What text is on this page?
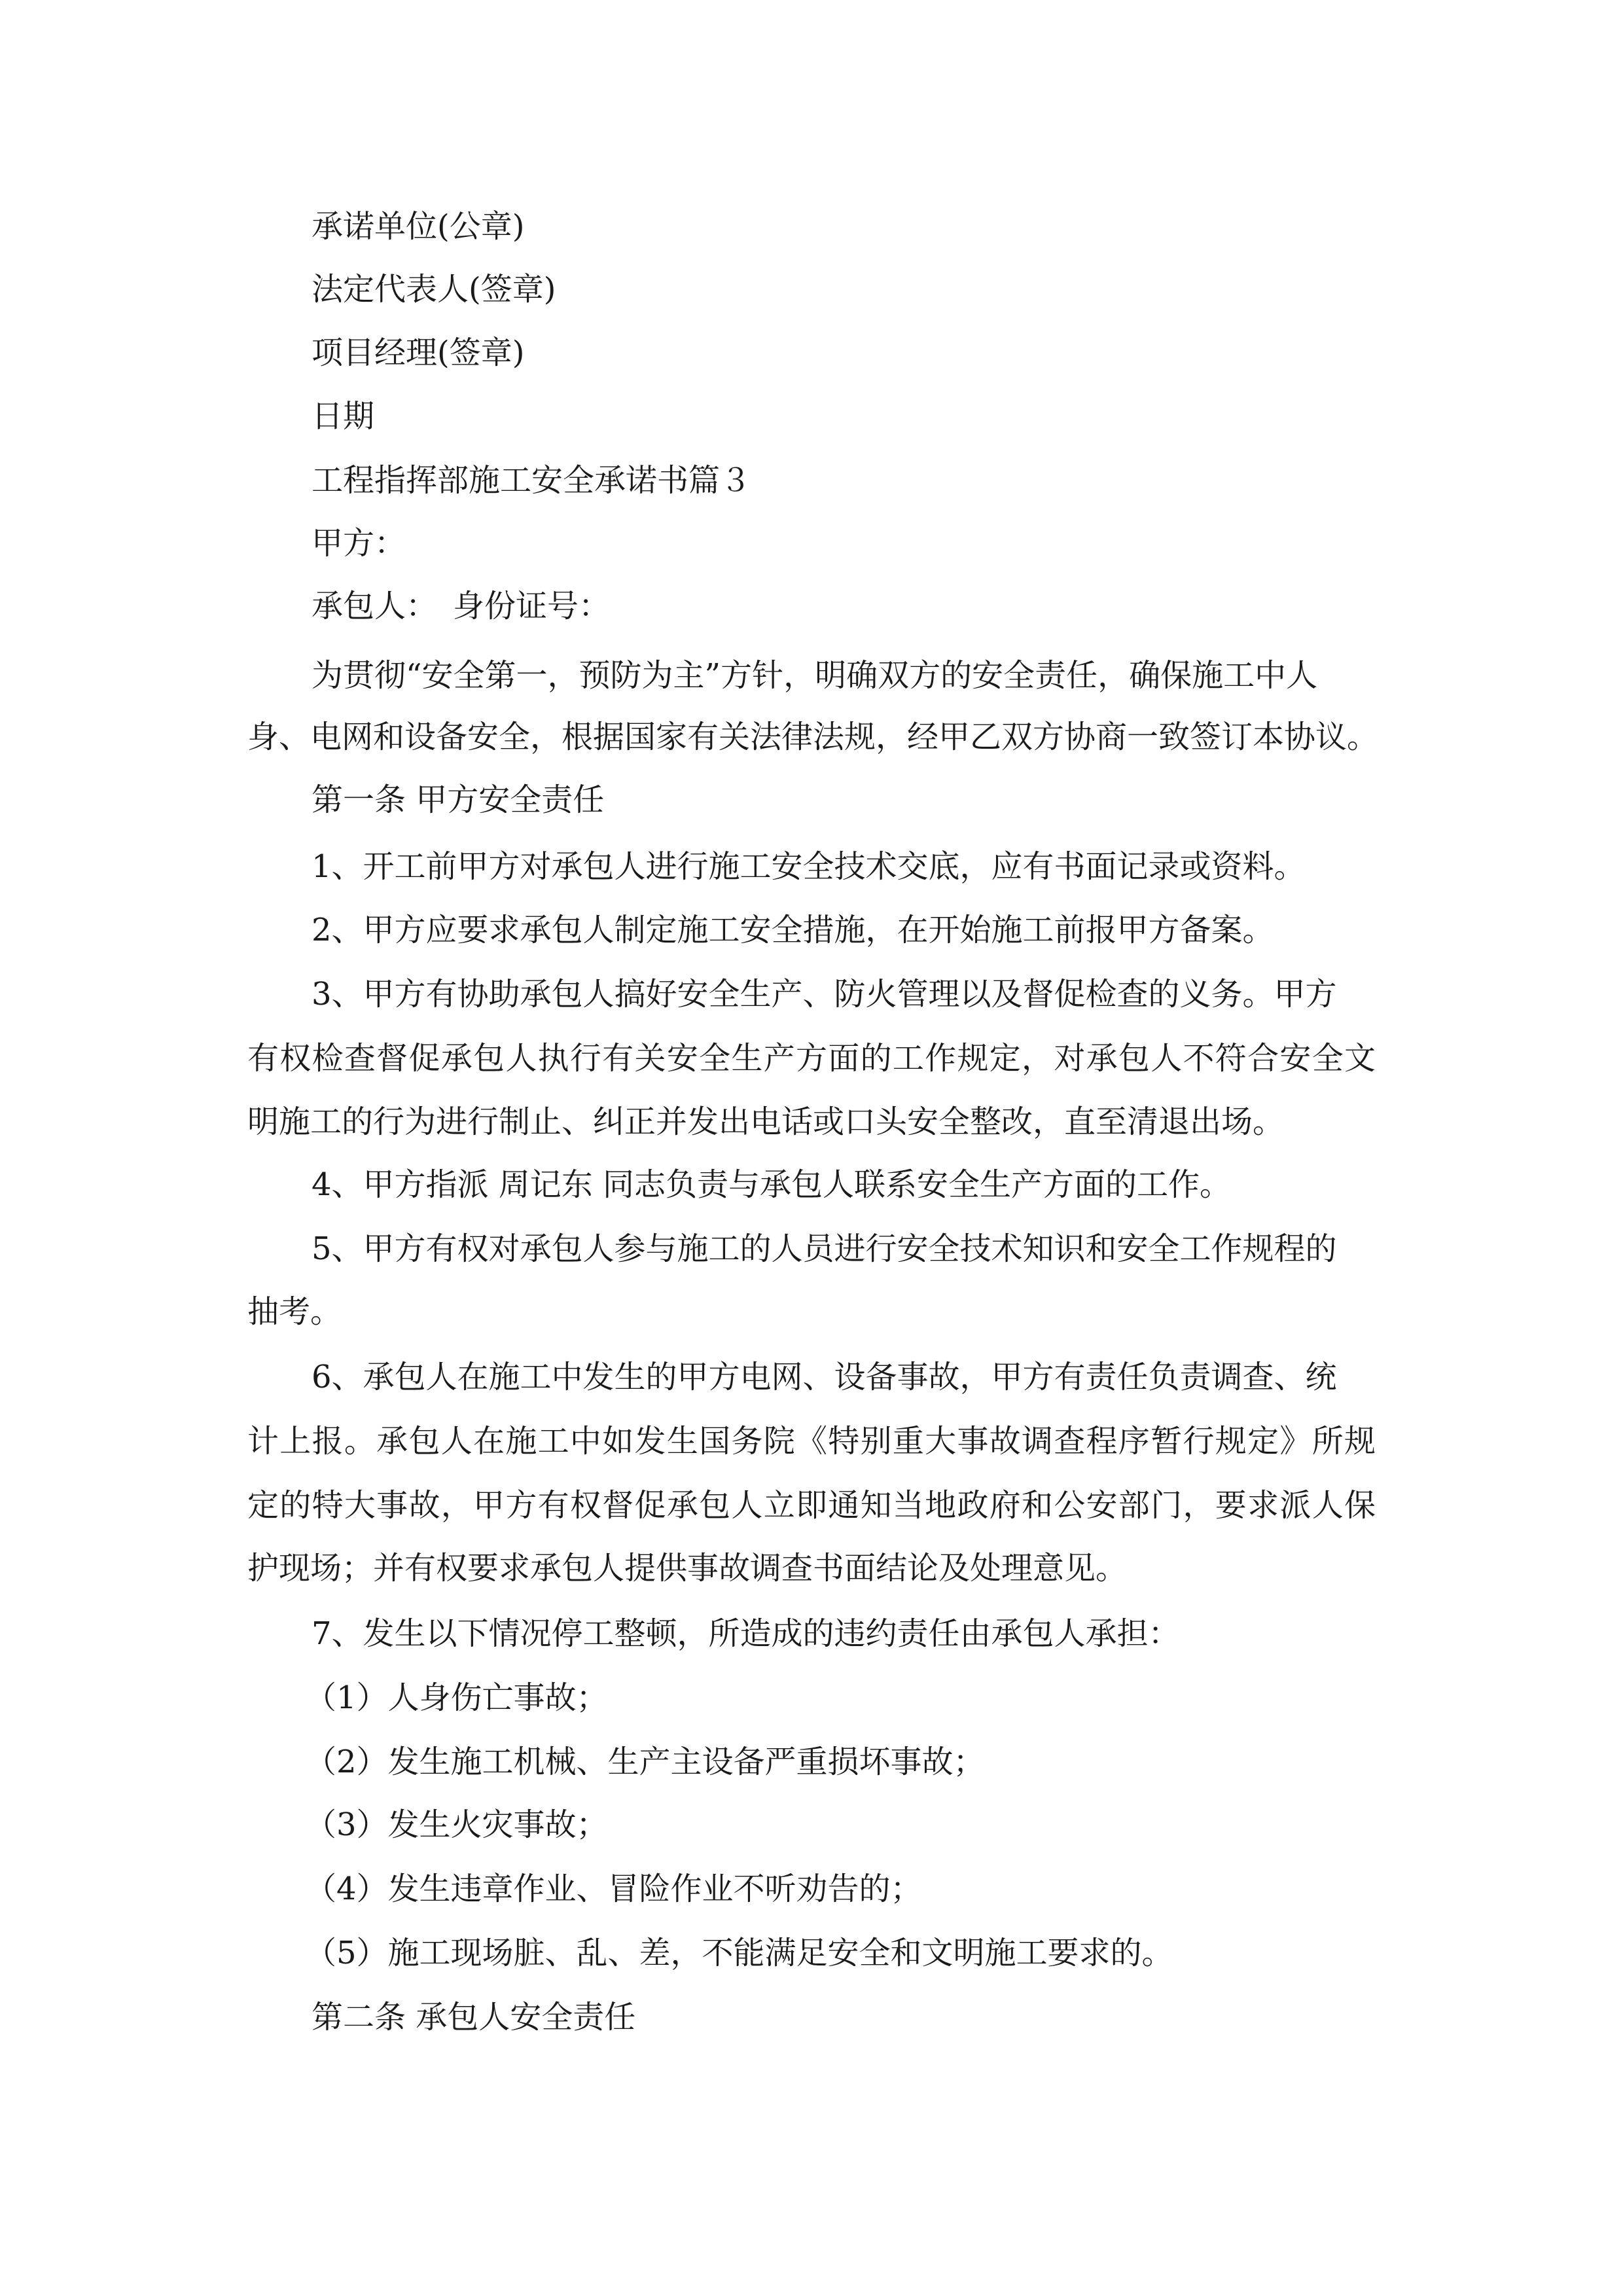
承诺单位(公章)
法定代表人(签章)
项目经理(签章)
日期
工程指挥部施工安全承诺书篇３
甲方：
承包人：　身份证号：
为贯彻“安全第一，预防为主”方针，明确双方的安全责任，确保施工中人
身、电网和设备安全，根据国家有关法律法规，经甲乙双方协商一致签订本协议。
第一条 甲方安全责任
1、开工前甲方对承包人进行施工安全技术交底，应有书面记录或资料。
2、甲方应要求承包人制定施工安全措施，在开始施工前报甲方备案。
3、甲方有协助承包人搞好安全生产、防火管理以及督促检查的义务。甲方
有权检查督促承包人执行有关安全生产方面的工作规定，对承包人不符合安全文
明施工的行为进行制止、纠正并发出电话或口头安全整改，直至清退出场。
4、甲方指派 周记东 同志负责与承包人联系安全生产方面的工作。
5、甲方有权对承包人参与施工的人员进行安全技术知识和安全工作规程的
抽考。
6、承包人在施工中发生的甲方电网、设备事故，甲方有责任负责调查、统
计上报。承包人在施工中如发生国务院《特别重大事故调查程序暂行规定》所规
定的特大事故，甲方有权督促承包人立即通知当地政府和公安部门，要求派人保
护现场；并有权要求承包人提供事故调查书面结论及处理意见。
7、发生以下情况停工整顿，所造成的违约责任由承包人承担：
（1）人身伤亡事故；
（2）发生施工机械、生产主设备严重损坏事故；
（3）发生火灾事故；
（4）发生违章作业、冒险作业不听劝告的；
（5）施工现场脏、乱、差，不能满足安全和文明施工要求的。
第二条 承包人安全责任
